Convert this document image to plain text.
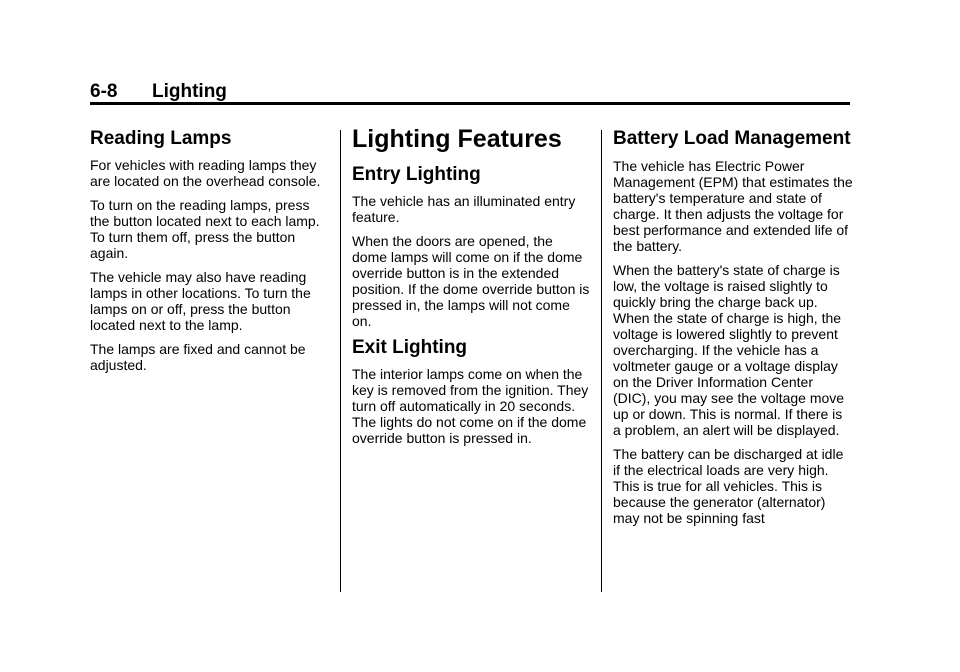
6-8 Lighting
Reading Lamps

For vehicles with reading lamps they are located on the overhead console.

To turn on the reading lamps, press the button located next to each lamp. To turn them off, press the button again.

The vehicle may also have reading lamps in other locations. To turn the lamps on or off, press the button located next to the lamp.

The lamps are fixed and cannot be adjusted.

Lighting Features
Entry Lighting

The vehicle has an illuminated entry feature.

When the doors are opened, the dome lamps will come on if the dome override button is in the extended position. If the dome override button is pressed in, the lamps will not come on.

Exit Lighting

The interior lamps come on when the key is removed from the ignition. They turn off automatically in 20 seconds. The lights do not come on if the dome override button is pressed in.

Battery Load Management

The vehicle has Electric Power Management (EPM) that estimates the battery's temperature and state of charge. It then adjusts the voltage for best performance and extended life of the battery.

When the battery's state of charge is low, the voltage is raised slightly to quickly bring the charge back up. When the state of charge is high, the voltage is lowered slightly to prevent overcharging. If the vehicle has a voltmeter gauge or a voltage display on the Driver Information Center (DIC), you may see the voltage move up or down. This is normal. If there is a problem, an alert will be displayed.

The battery can be discharged at idle if the electrical loads are very high. This is true for all vehicles. This is because the generator (alternator) may not be spinning fast
